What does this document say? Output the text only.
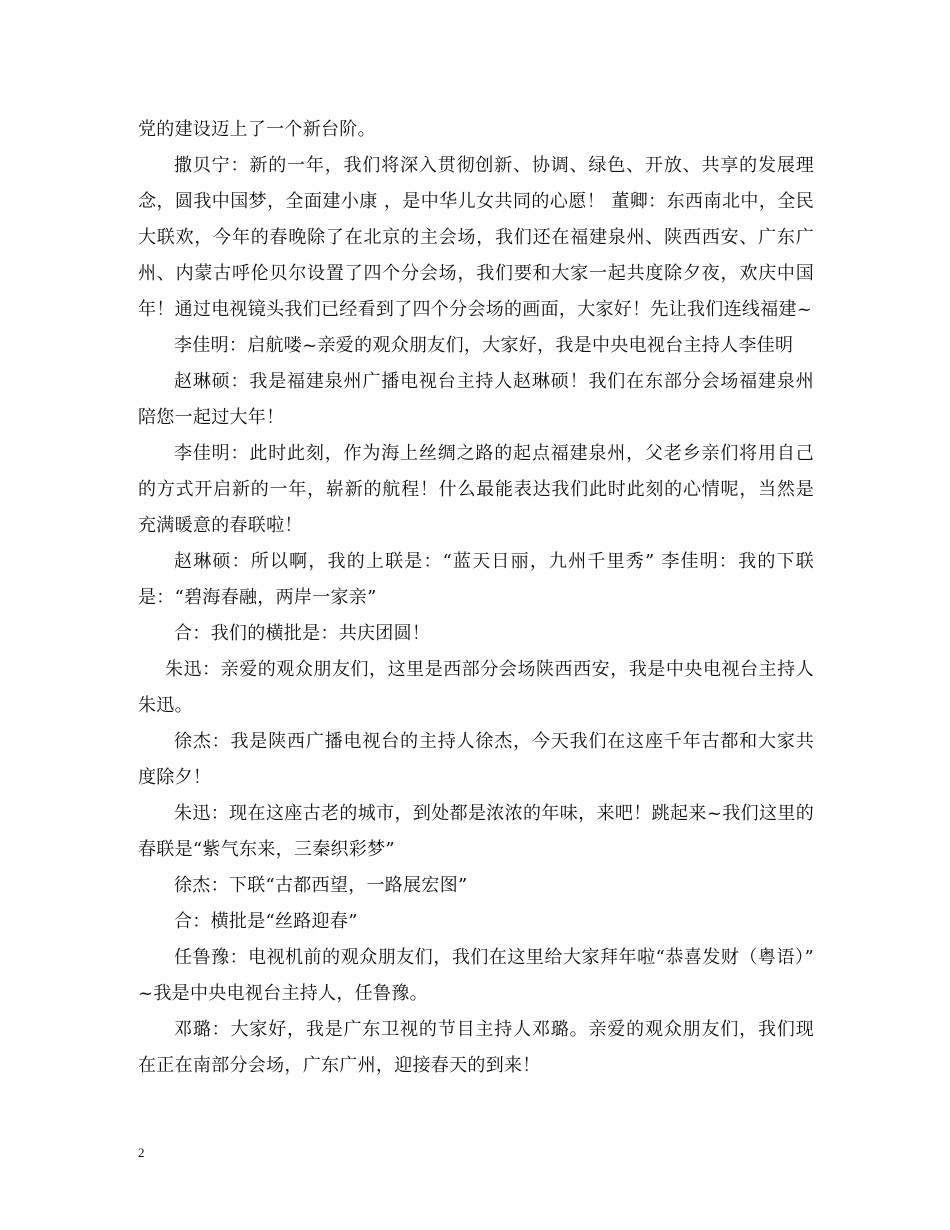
党的建设迈上了一个新台阶。

撒贝宁：新的一年，我们将深入贯彻创新、协调、绿色、开放、共享的发展理念，圆我中国梦，全面建小康 ，是中华儿女共同的心愿！ 董卿：东西南北中，全民大联欢，今年的春晚除了在北京的主会场，我们还在福建泉州、陕西西安、广东广州、内蒙古呼伦贝尔设置了四个分会场，我们要和大家一起共度除夕夜，欢庆中国年！通过电视镜头我们已经看到了四个分会场的画面，大家好！先让我们连线福建~

李佳明：启航喽~亲爱的观众朋友们，大家好，我是中央电视台主持人李佳明

赵琳硕：我是福建泉州广播电视台主持人赵琳硕！我们在东部分会场福建泉州陪您一起过大年！

李佳明：此时此刻，作为海上丝绸之路的起点福建泉州，父老乡亲们将用自己的方式开启新的一年，崭新的航程！什么最能表达我们此时此刻的心情呢，当然是充满暖意的春联啦！

赵琳硕：所以啊，我的上联是：“蓝天日丽，九州千里秀” 李佳明：我的下联是：“碧海春融，两岸一家亲”

合：我们的横批是：共庆团圆！

朱迅：亲爱的观众朋友们，这里是西部分会场陕西西安，我是中央电视台主持人朱迅。

徐杰：我是陕西广播电视台的主持人徐杰，今天我们在这座千年古都和大家共度除夕！

朱迅：现在这座古老的城市，到处都是浓浓的年味，来吧！跳起来~我们这里的春联是“紫气东来，三秦织彩梦”

徐杰：下联“古都西望，一路展宏图”

合：横批是“丝路迎春”

任鲁豫：电视机前的观众朋友们，我们在这里给大家拜年啦“恭喜发财（粤语）” ~我是中央电视台主持人，任鲁豫。

邓璐：大家好，我是广东卫视的节目主持人邓璐。亲爱的观众朋友们，我们现在正在南部分会场，广东广州，迎接春天的到来！

2
